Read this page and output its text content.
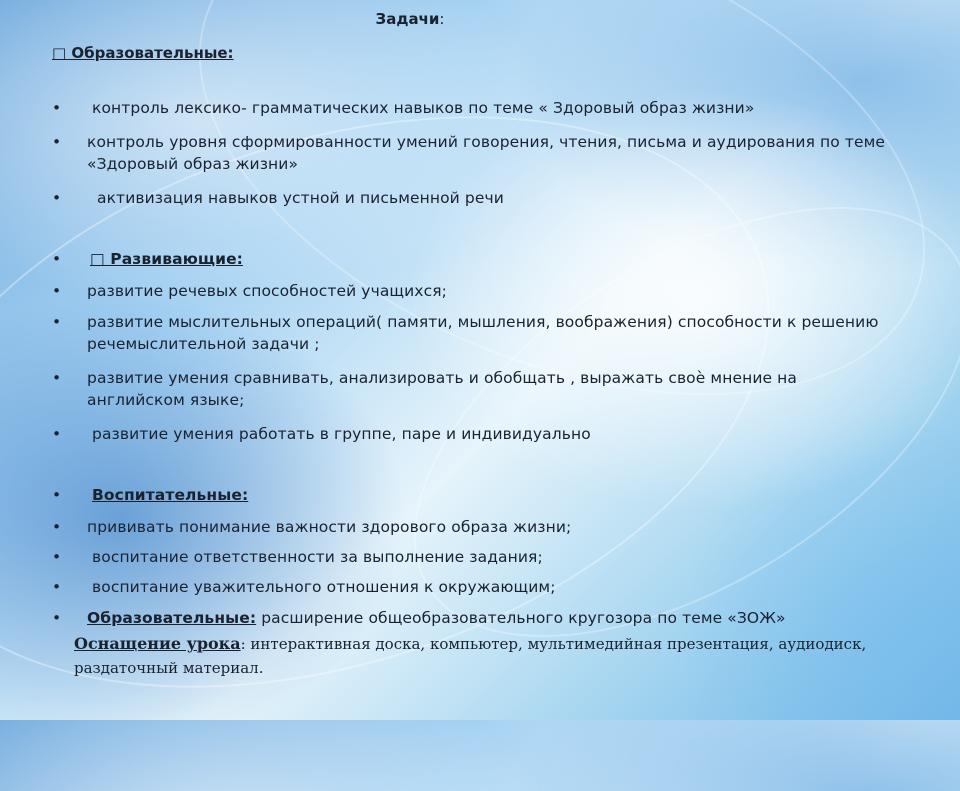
Задачи:
□ Образовательные:
• контроль лексико- грамматических навыков по теме « Здоровый образ жизни»
• контроль уровня сформированности умений говорения, чтения, письма и аудирования по теме «Здоровый образ жизни»
• активизация навыков устной и письменной речи
• □ Развивающие:
• развитие речевых способностей учащихся;
• развитие мыслительных операций( памяти, мышления, воображения) способности к решению речемыслительной задачи ;
• развитие умения сравнивать, анализировать и обобщать , выражать своѐ мнение на английском языке;
• развитие умения работать в группе, паре и индивидуально
• Воспитательные:
• прививать понимание важности здорового образа жизни;
• воспитание ответственности за выполнение задания;
• воспитание уважительного отношения к окружающим;
• Образовательные: расширение общеобразовательного кругозора по теме «ЗОЖ»
Оснащение урока: интерактивная доска, компьютер, мультимедийная презентация, аудиодиск, раздаточный материал.
